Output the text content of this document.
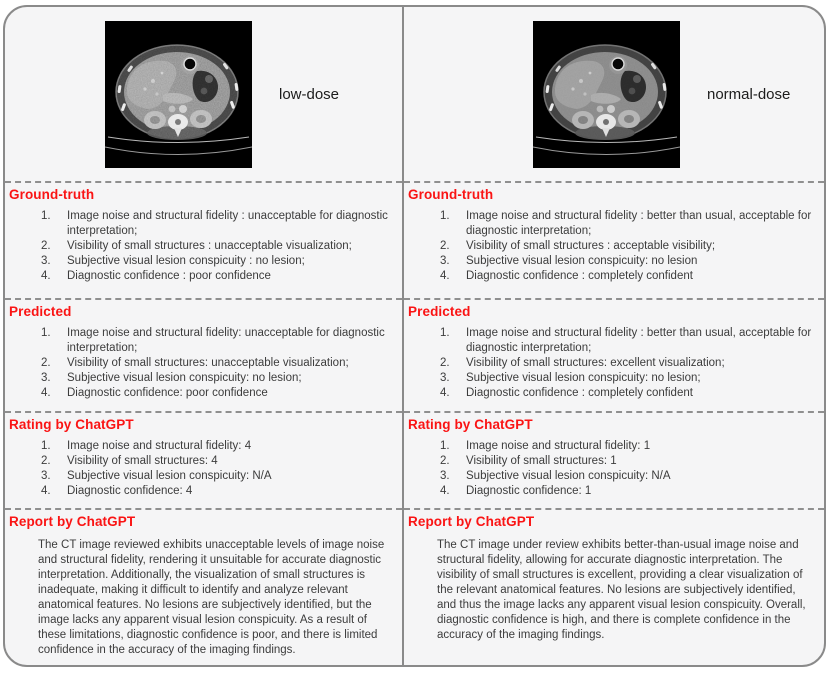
low-dose
Ground-truth
Image noise and structural fidelity : unacceptable for diagnostic interpretation;
Visibility of small structures : unacceptable visualization;
Subjective visual lesion conspicuity : no lesion;
Diagnostic confidence : poor confidence
Predicted
Image noise and structural fidelity: unacceptable for diagnostic interpretation;
Visibility of small structures: unacceptable visualization;
Subjective visual lesion conspicuity: no lesion;
Diagnostic confidence: poor confidence
Rating by ChatGPT
Image noise and structural fidelity: 4
Visibility of small structures: 4
Subjective visual lesion conspicuity: N/A
Diagnostic confidence: 4
Report by ChatGPT

The CT image reviewed exhibits unacceptable levels of image noise and structural fidelity, rendering it unsuitable for accurate diagnostic interpretation. Additionally, the visualization of small structures is inadequate, making it difficult to identify and analyze relevant anatomical features. No lesions are subjectively identified, but the image lacks any apparent visual lesion conspicuity. As a result of these limitations, diagnostic confidence is poor, and there is limited confidence in the accuracy of the imaging findings.

normal-dose
Ground-truth
Image noise and structural fidelity : better than usual, acceptable for diagnostic interpretation;
Visibility of small structures : acceptable visibility;
Subjective visual lesion conspicuity: no lesion
Diagnostic confidence : completely confident
Predicted
Image noise and structural fidelity : better than usual, acceptable for diagnostic interpretation;
Visibility of small structures: excellent visualization;
Subjective visual lesion conspicuity: no lesion;
Diagnostic confidence : completely confident
Rating by ChatGPT
Image noise and structural fidelity: 1
Visibility of small structures: 1
Subjective visual lesion conspicuity: N/A
Diagnostic confidence: 1
Report by ChatGPT

The CT image under review exhibits better-than-usual image noise and structural fidelity, allowing for accurate diagnostic interpretation. The visibility of small structures is excellent, providing a clear visualization of the relevant anatomical features. No lesions are subjectively identified, and thus the image lacks any apparent visual lesion conspicuity. Overall, diagnostic confidence is high, and there is complete confidence in the accuracy of the imaging findings.
